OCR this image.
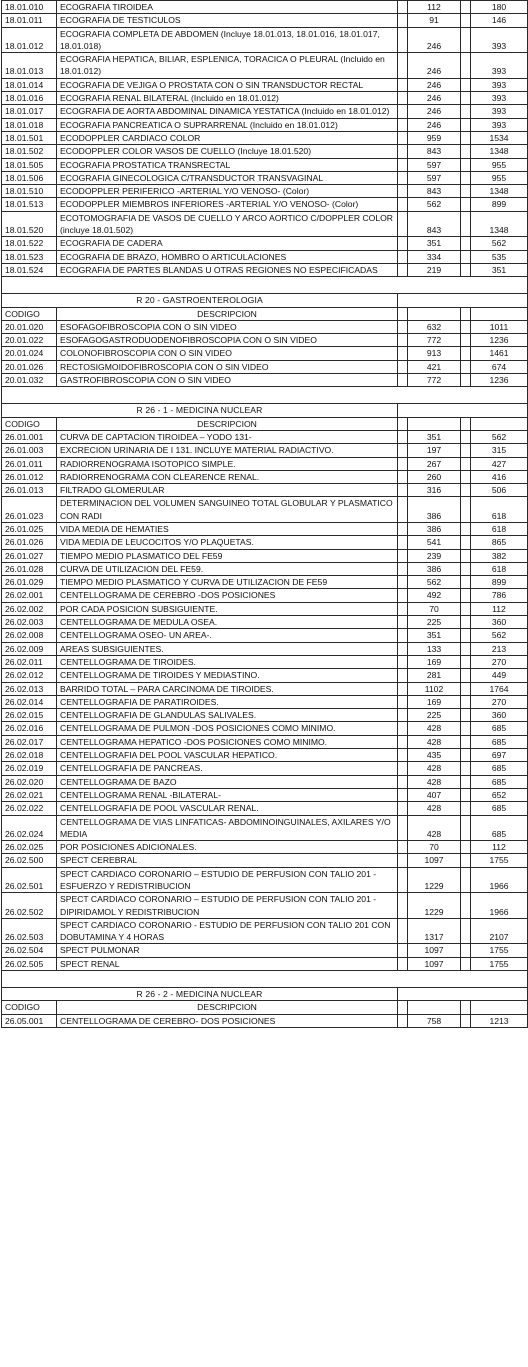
18.01.010	ECOGRAFIA TIROIDEA		112		180
18.01.011	ECOGRAFIA DE TESTICULOS		91		146
18.01.012	ECOGRAFIA COMPLETA DE ABDOMEN (Incluye 18.01.013, 18.01.016, 18.01.017, 18.01.018)		246		393
18.01.013	ECOGRAFIA HEPATICA, BILIAR, ESPLENICA, TORACICA O PLEURAL (Incluido en 18.01.012)		246		393
18.01.014	ECOGRAFIA DE VEJIGA O PROSTATA CON O SIN TRANSDUCTOR RECTAL		246		393
18.01.016	ECOGRAFIA RENAL BILATERAL (Incluido en 18.01.012)		246		393
18.01.017	ECOGRAFIA DE AORTA ABDOMINAL DINAMICA YESTATICA (Incluido en 18.01.012)		246		393
18.01.018	ECOGRAFIA PANCREATICA O SUPRARRENAL (Incluido en 18.01.012)		246		393
18.01.501	ECODOPPLER CARDIACO COLOR		959		1534
18.01.502	ECODOPPLER COLOR VASOS DE CUELLO (Incluye 18.01.520)		843		1348
18.01.505	ECOGRAFIA PROSTATICA TRANSRECTAL		597		955
18.01.506	ECOGRAFIA GINECOLOGICA C/TRANSDUCTOR TRANSVAGINAL		597		955
18.01.510	ECODOPPLER PERIFERICO -ARTERIAL Y/O VENOSO- (Color)		843		1348
18.01.513	ECODOPPLER MIEMBROS INFERIORES -ARTERIAL Y/O VENOSO- (Color)		562		899
18.01.520	ECOTOMOGRAFIA DE VASOS DE CUELLO Y ARCO AORTICO C/DOPPLER COLOR (incluye 18.01.502)		843		1348
18.01.522	ECOGRAFIA DE CADERA		351		562
18.01.523	ECOGRAFIA DE BRAZO, HOMBRO O ARTICULACIONES		334		535
18.01.524	ECOGRAFIA DE PARTES BLANDAS U OTRAS REGIONES NO ESPECIFICADAS		219		351

R 20 - GASTROENTEROLOGIA					
CODIGO	DESCRIPCION				
20.01.020	ESOFAGOFIBROSCOPIA CON O SIN VIDEO		632		1011
20.01.022	ESOFAGOGASTRODUODENOFIBROSCOPIA CON O SIN VIDEO		772		1236
20.01.024	COLONOFIBROSCOPIA CON O SIN VIDEO		913		1461
20.01.026	RECTOSIGMOIDOFIBROSCOPIA CON O SIN VIDEO		421		674
20.01.032	GASTROFIBROSCOPIA CON O SIN VIDEO		772		1236

R 26 - 1 - MEDICINA NUCLEAR					
CODIGO	DESCRIPCION				
26.01.001	CURVA DE CAPTACION TIROIDEA – YODO 131-		351		562
26.01.003	EXCRECION URINARIA DE I 131. INCLUYE MATERIAL RADIACTIVO.		197		315
26.01.011	RADIORRENOGRAMA ISOTOPICO SIMPLE.		267		427
26.01.012	RADIORRENOGRAMA CON CLEARENCE RENAL.		260		416
26.01.013	FILTRADO GLOMERULAR		316		506
26.01.023	DETERMINACION DEL VOLUMEN SANGUINEO TOTAL GLOBULAR Y PLASMATICO CON RADI		386		618
26.01.025	VIDA MEDIA DE HEMATIES		386		618
26.01.026	VIDA MEDIA DE LEUCOCITOS Y/O PLAQUETAS.		541		865
26.01.027	TIEMPO MEDIO PLASMATICO DEL FE59		239		382
26.01.028	CURVA DE UTILIZACION DEL FE59.		386		618
26.01.029	TIEMPO MEDIO PLASMATICO Y CURVA DE UTILIZACION DE FE59		562		899
26.02.001	CENTELLOGRAMA DE CEREBRO -DOS POSICIONES		492		786
26.02.002	POR CADA POSICION SUBSIGUIENTE.		70		112
26.02.003	CENTELLOGRAMA DE MEDULA OSEA.		225		360
26.02.008	CENTELLOGRAMA OSEO- UN AREA-.		351		562
26.02.009	AREAS SUBSIGUIENTES.		133		213
26.02.011	CENTELLOGRAMA DE TIROIDES.		169		270
26.02.012	CENTELLOGRAMA DE TIROIDES Y MEDIASTINO.		281		449
26.02.013	BARRIDO TOTAL – PARA CARCINOMA DE TIROIDES.		1102		1764
26.02.014	CENTELLOGRAFIA DE PARATIROIDES.		169		270
26.02.015	CENTELLOGRAFIA DE GLANDULAS SALIVALES.		225		360
26.02.016	CENTELLOGRAMA DE PULMON -DOS POSICIONES COMO MINIMO.		428		685
26.02.017	CENTELLOGRAMA HEPATICO -DOS POSICIONES COMO MINIMO.		428		685
26.02.018	CENTELLOGRAFIA DEL POOL VASCULAR HEPATICO.		435		697
26.02.019	CENTELLOGRAFIA DE PANCREAS.		428		685
26.02.020	CENTELLOGRAMA DE BAZO		428		685
26.02.021	CENTELLOGRAMA RENAL -BILATERAL-		407		652
26.02.022	CENTELLOGRAFIA DE POOL VASCULAR RENAL.		428		685
26.02.024	CENTELLOGRAMA DE VIAS LINFATICAS- ABDOMINOINGUINALES, AXILARES Y/O MEDIA		428		685
26.02.025	POR POSICIONES ADICIONALES.		70		112
26.02.500	SPECT CEREBRAL		1097		1755
26.02.501	SPECT CARDIACO CORONARIO – ESTUDIO DE PERFUSION CON TALIO 201 - ESFUERZO Y REDISTRIBUCION		1229		1966
26.02.502	SPECT CARDIACO CORONARIO – ESTUDIO DE PERFUSION CON TALIO 201 - DIPIRIDAMOL Y REDISTRIBUCION		1229		1966
26.02.503	SPECT CARDIACO CORONARIO - ESTUDIO DE PERFUSION CON TALIO 201 CON DOBUTAMINA Y 4 HORAS		1317		2107
26.02.504	SPECT PULMONAR		1097		1755
26.02.505	SPECT RENAL		1097		1755

R 26 - 2 - MEDICINA NUCLEAR					
CODIGO	DESCRIPCION				
26.05.001	CENTELLOGRAMA DE CEREBRO- DOS POSICIONES		758		1213
